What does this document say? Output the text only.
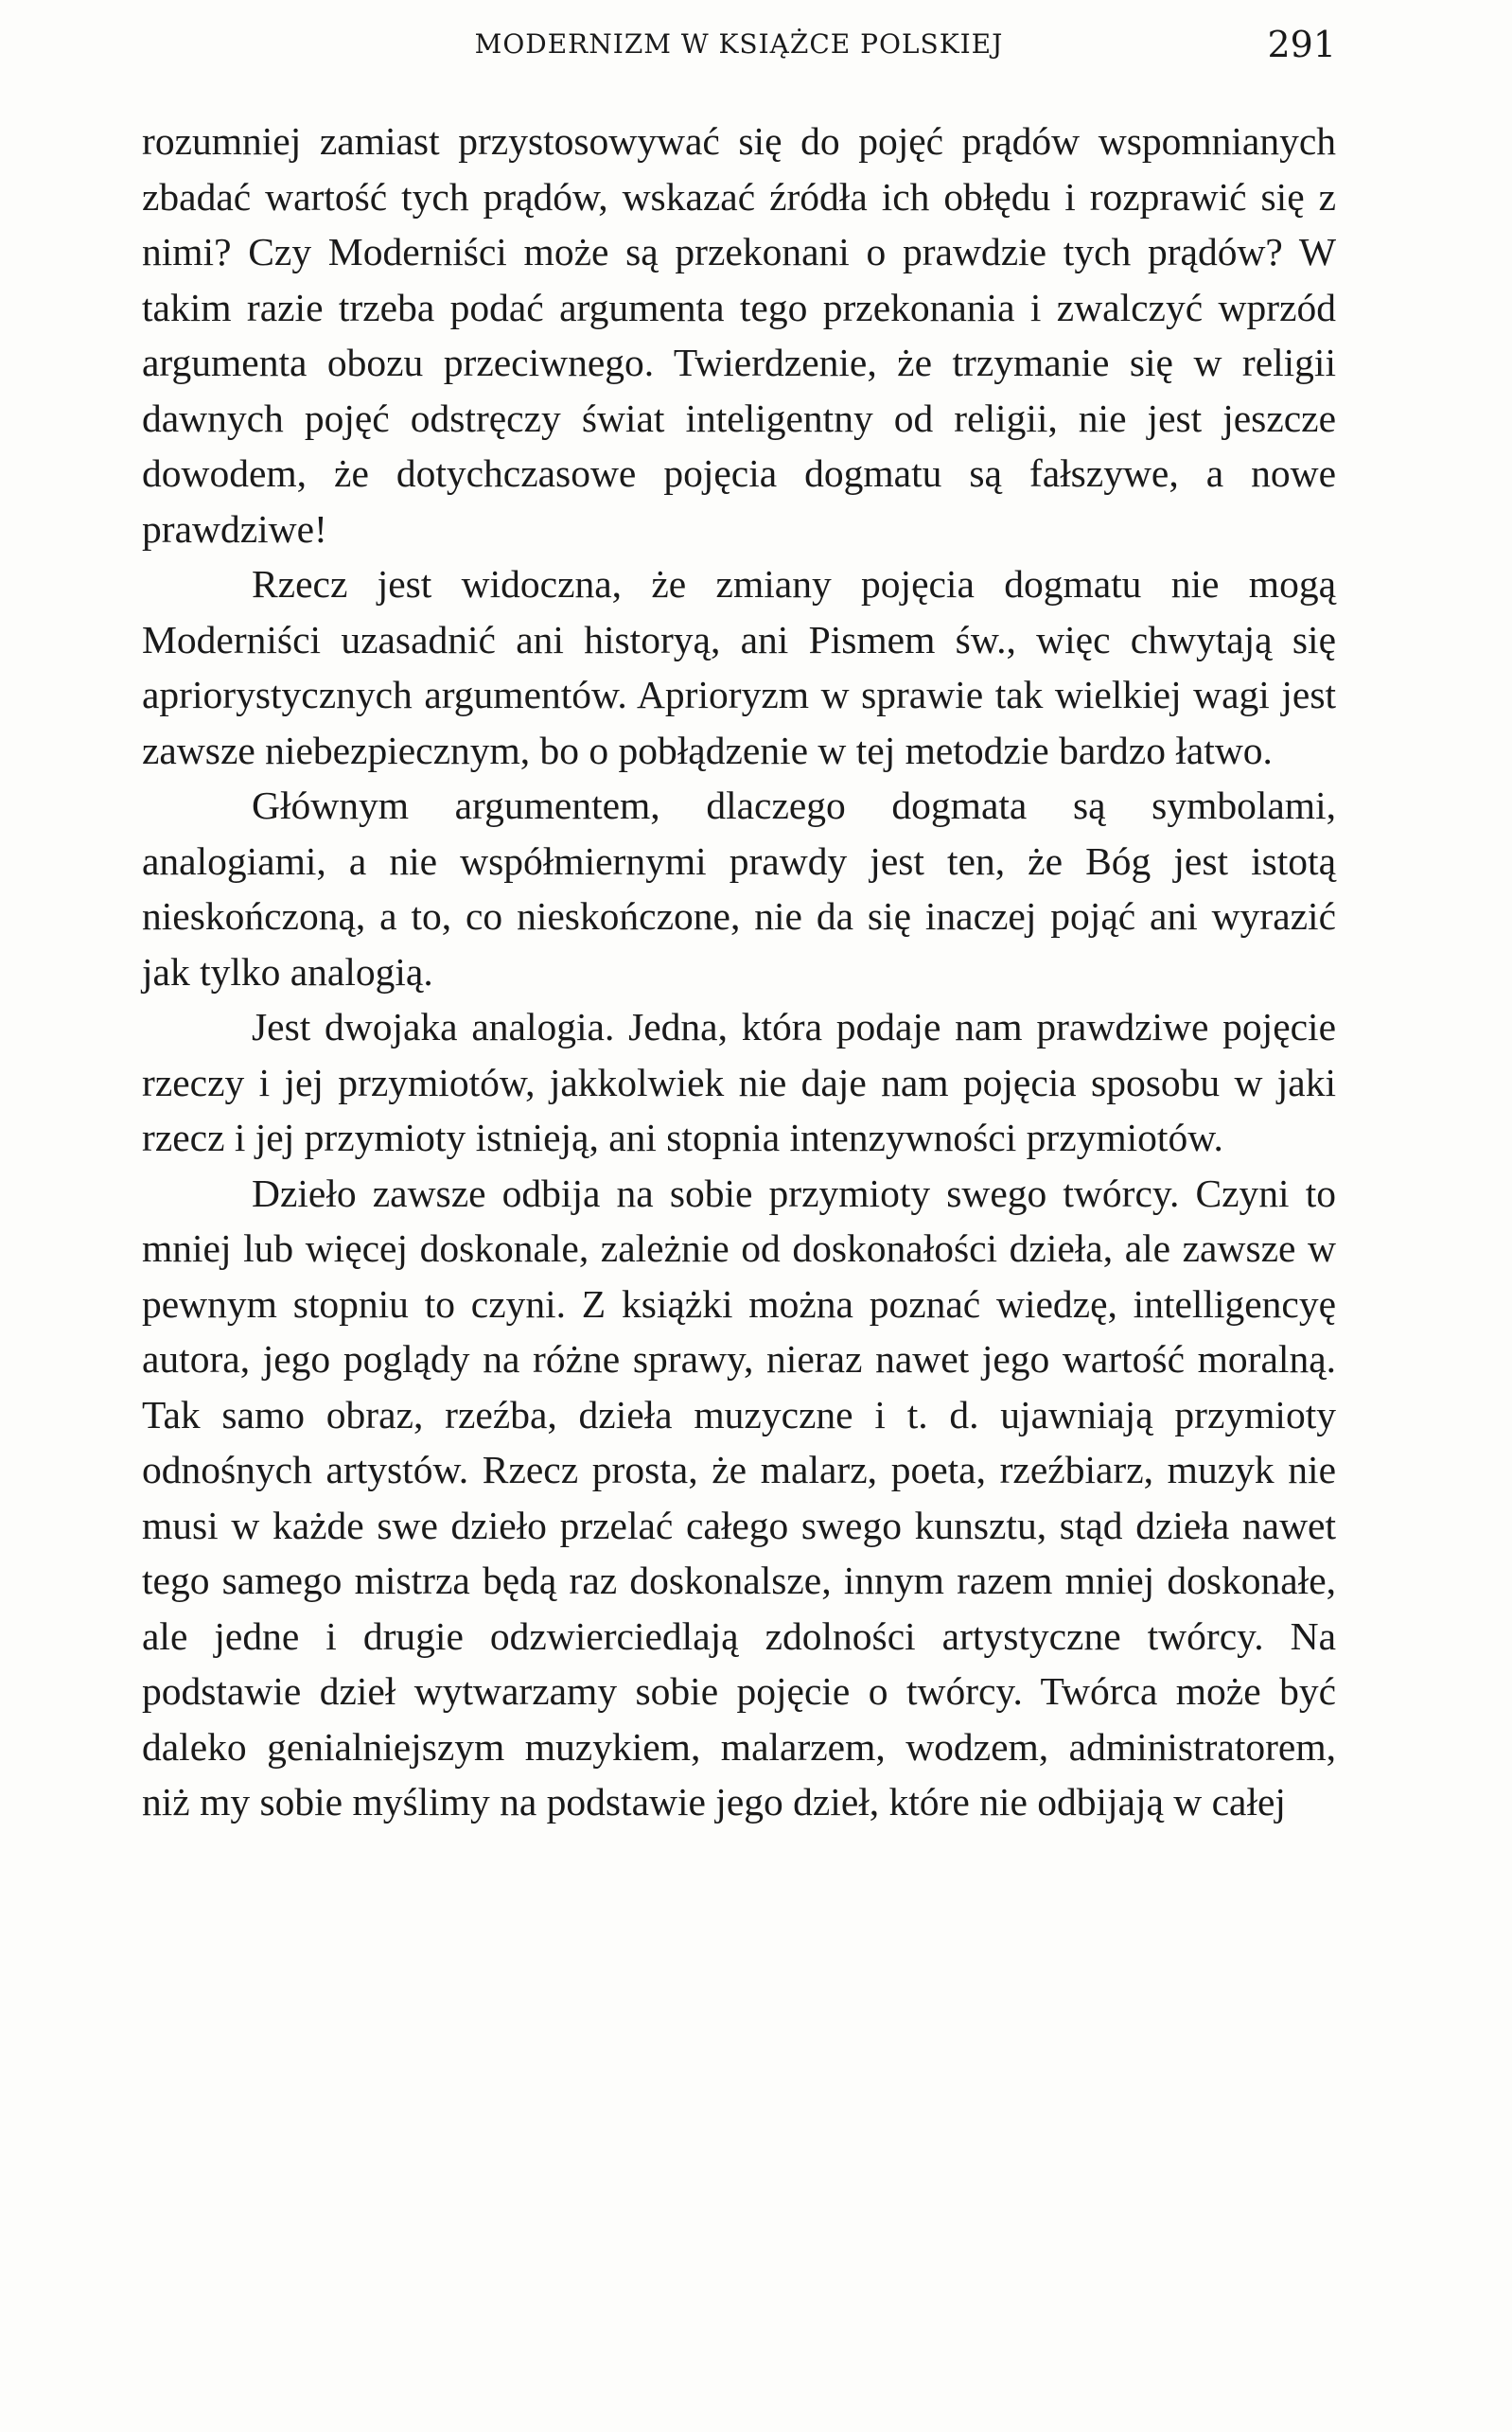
MODERNIZM W KSIĄŻCE POLSKIEJ	291

rozumniej zamiast przystosowywać się do pojęć prądów wspomnianych zbadać wartość tych prądów, wskazać źródła ich obłędu i rozprawić się z nimi? Czy Moderniści może są przekonani o prawdzie tych prądów? W takim razie trzeba podać argumenta tego przekonania i zwalczyć wprzód argumenta obozu przeciwnego. Twierdzenie, że trzymanie się w religii dawnych pojęć odstręczy świat inteligentny od religii, nie jest jeszcze dowodem, że dotychczasowe pojęcia dogmatu są fałszywe, a nowe prawdziwe!

Rzecz jest widoczna, że zmiany pojęcia dogmatu nie mogą Moderniści uzasadnić ani historyą, ani Pismem św., więc chwytają się apriorystycznych argumentów. Aprioryzm w sprawie tak wielkiej wagi jest zawsze niebezpiecznym, bo o pobłądzenie w tej metodzie bardzo łatwo.

Głównym argumentem, dlaczego dogmata są symbolami, analogiami, a nie współmiernymi prawdy jest ten, że Bóg jest istotą nieskończoną, a to, co nieskończone, nie da się inaczej pojąć ani wyrazić jak tylko analogią.

Jest dwojaka analogia. Jedna, która podaje nam prawdziwe pojęcie rzeczy i jej przymiotów, jakkolwiek nie daje nam pojęcia sposobu w jaki rzecz i jej przymioty istnieją, ani stopnia intenzywności przymiotów.

Dzieło zawsze odbija na sobie przymioty swego twórcy. Czyni to mniej lub więcej doskonale, zależnie od doskonałości dzieła, ale zawsze w pewnym stopniu to czyni. Z książki można poznać wiedzę, intelligencyę autora, jego poglądy na różne sprawy, nieraz nawet jego wartość moralną. Tak samo obraz, rzeźba, dzieła muzyczne i t. d. ujawniają przymioty odnośnych artystów. Rzecz prosta, że malarz, poeta, rzeźbiarz, muzyk nie musi w każde swe dzieło przelać całego swego kunsztu, stąd dzieła nawet tego samego mistrza będą raz doskonalsze, innym razem mniej doskonałe, ale jedne i drugie odzwierciedlają zdolności artystyczne twórcy. Na podstawie dzieł wytwarzamy sobie pojęcie o twórcy. Twórca może być daleko genialniejszym muzykiem, malarzem, wodzem, administratorem, niż my sobie myślimy na podstawie jego dzieł, które nie odbijają w całej
